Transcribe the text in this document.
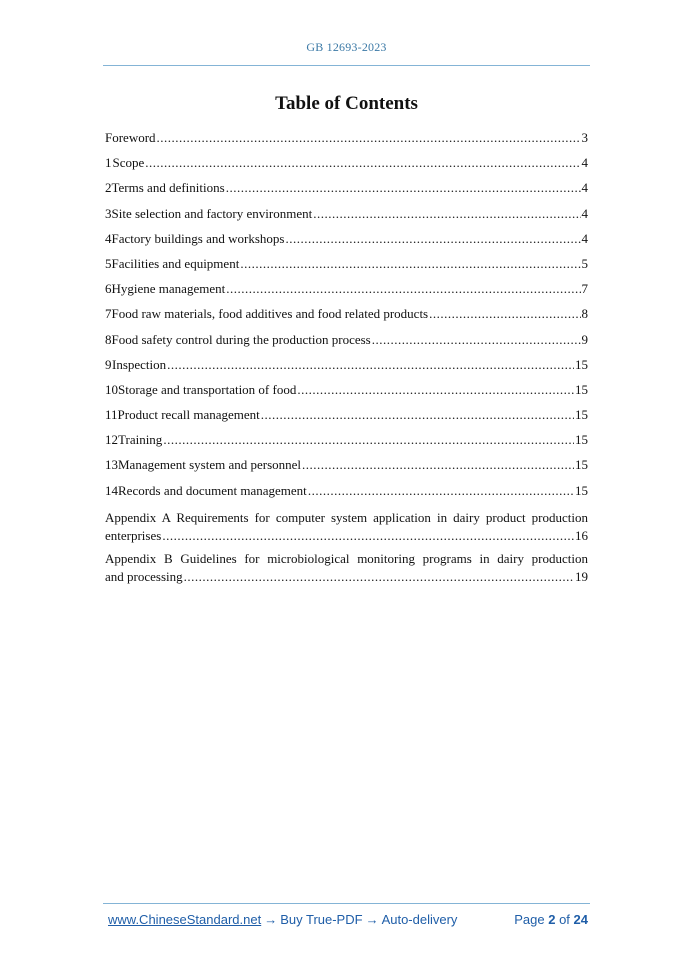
GB 12693-2023
Table of Contents
Foreword .....	3
1 Scope .....	4
2 Terms and definitions .....	4
3 Site selection and factory environment .....	4
4 Factory buildings and workshops .....	4
5 Facilities and equipment .....	5
6 Hygiene management .....	7
7 Food raw materials, food additives and food related products .....	8
8 Food safety control during the production process .....	9
9 Inspection .....	15
10 Storage and transportation of food .....	15
11 Product recall management .....	15
12 Training .....	15
13 Management system and personnel .....	15
14 Records and document management .....	15
Appendix A Requirements for computer system application in dairy product production
enterprises .....	16
Appendix B Guidelines for microbiological monitoring programs in dairy production
and processing .....	19
www.ChineseStandard.net → Buy True-PDF → Auto-delivery	Page
2
of
24
